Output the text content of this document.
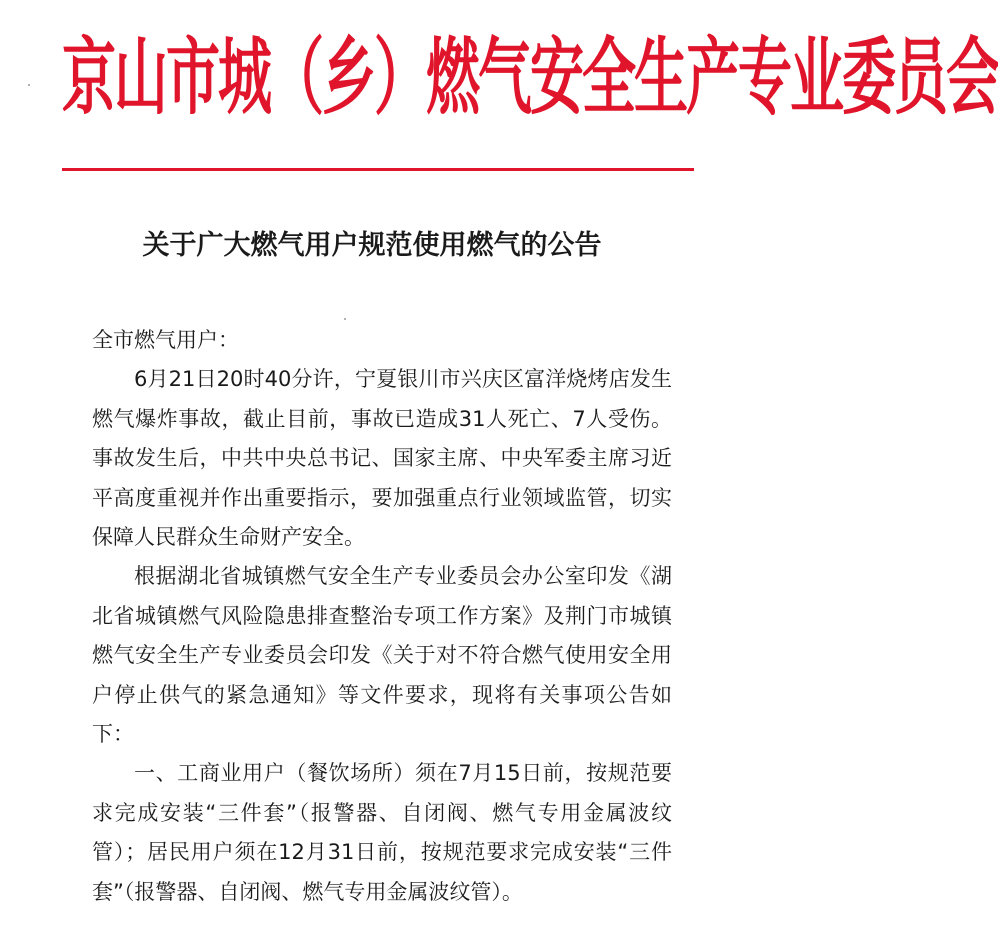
京山市城（乡）燃气安全生产专业委员会
关于广大燃气用户规范使用燃气的公告

全市燃气用户：

6月21日20时40分许，宁夏银川市兴庆区富洋烧烤店发生燃气爆炸事故，截止目前，事故已造成31人死亡、7人受伤。事故发生后，中共中央总书记、国家主席、中央军委主席习近平高度重视并作出重要指示，要加强重点行业领域监管，切实保障人民群众生命财产安全。

根据湖北省城镇燃气安全生产专业委员会办公室印发《湖北省城镇燃气风险隐患排查整治专项工作方案》及荆门市城镇燃气安全生产专业委员会印发《关于对不符合燃气使用安全用户停止供气的紧急通知》等文件要求，现将有关事项公告如下：

一、工商业用户（餐饮场所）须在7月15日前，按规范要求完成安装“三件套”（报警器、自闭阀、燃气专用金属波纹管）；居民用户须在12月31日前，按规范要求完成安装“三件套”（报警器、自闭阀、燃气专用金属波纹管）。
